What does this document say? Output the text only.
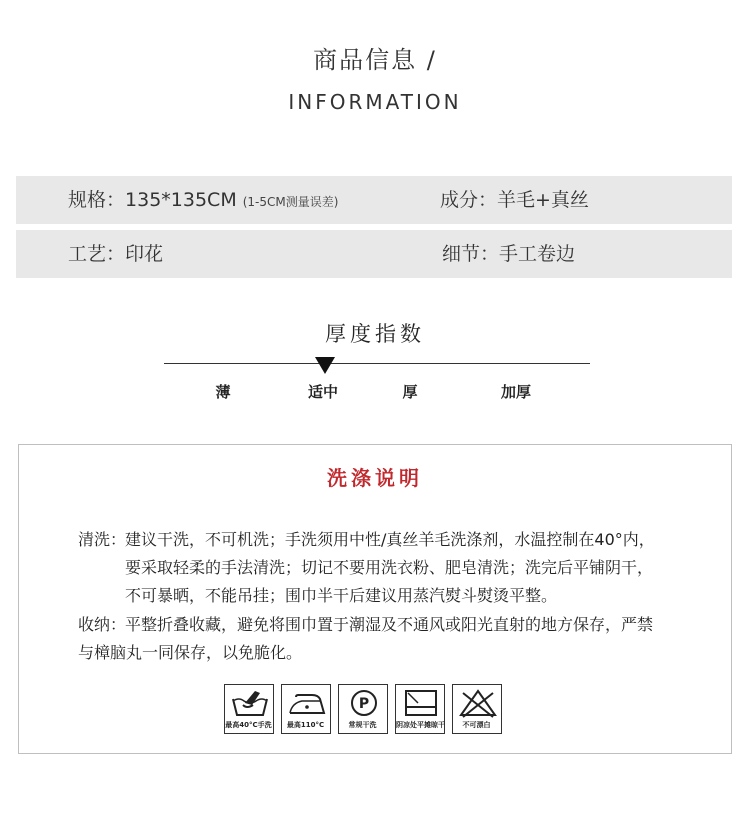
商品信息 /
INFORMATION
规格：135*135CM (1-5CM测量误差)	成分：羊毛+真丝
工艺：印花	细节：手工卷边
厚度指数
薄	适中	厚	加厚
洗涤说明
清洗：
建议干洗，不可机洗；手洗须用中性/真丝羊毛洗涤剂，水温控制在40°内，
要采取轻柔的手法清洗；切记不要用洗衣粉、肥皂清洗；洗完后平铺阴干，
不可暴晒，不能吊挂；围巾半干后建议用蒸汽熨斗熨烫平整。
收纳：
平整折叠收藏，避免将围巾置于潮湿及不通风或阳光直射的地方保存，严禁
与樟脑丸一同保存，以免脆化。
最高40°C手洗	最高110°C
P
常规干洗	阴凉处平摊晾干	不可漂白
